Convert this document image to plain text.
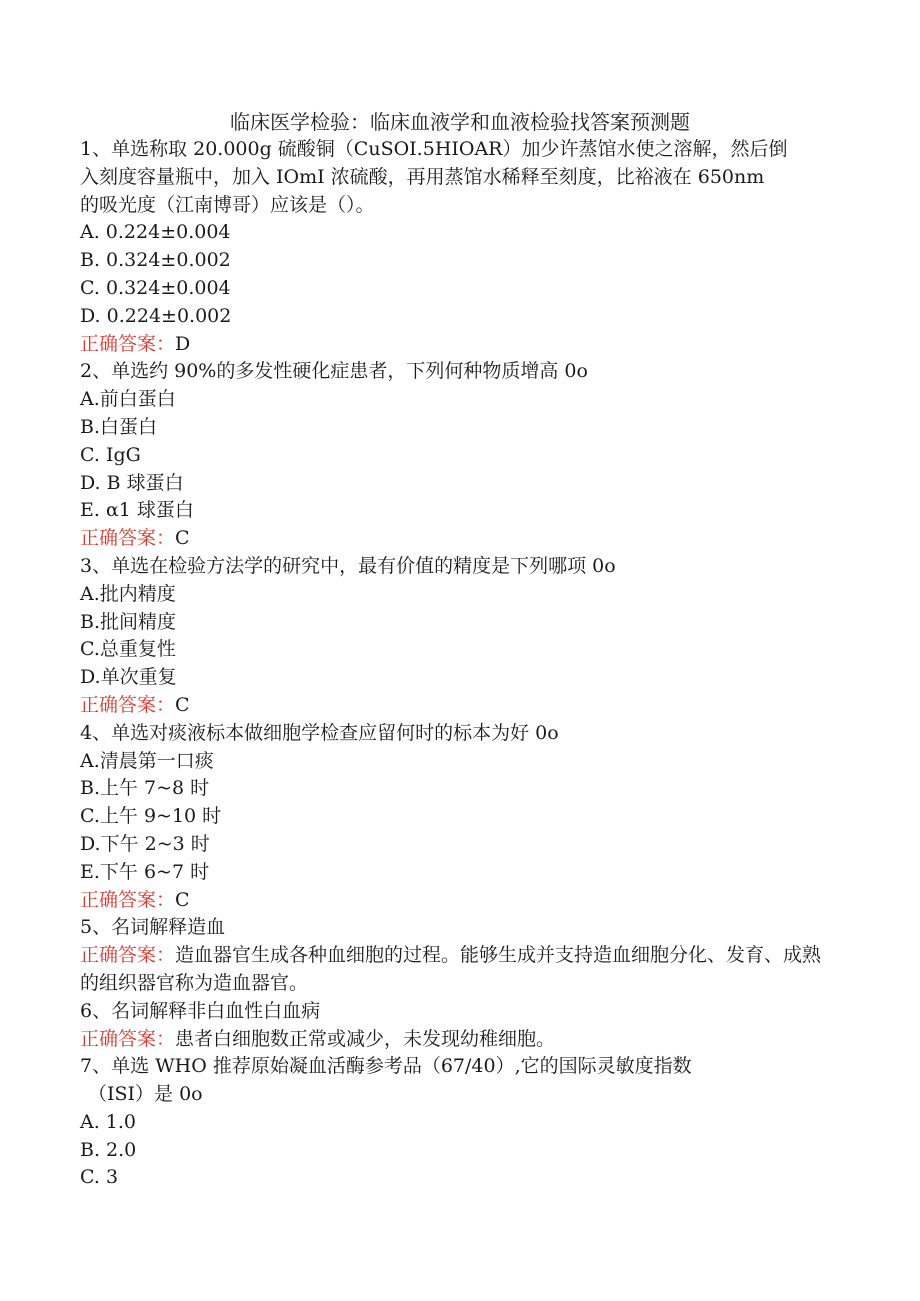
临床医学检验：临床血液学和血液检验找答案预测题
1、单选称取 20.000g 硫酸铜（CuSOI.5HIOAR）加少许蒸馆水使之溶解，然后倒
入刻度容量瓶中，加入 IOmI 浓硫酸，再用蒸馆水稀释至刻度，比裕液在 650nm
的吸光度（江南博哥）应该是（）。
A. 0.224±0.004
B. 0.324±0.002
C. 0.324±0.004
D. 0.224±0.002
正确答案：D
2、单选约 90%的多发性硬化症患者，下列何种物质增高 0o
A.前白蛋白
B.白蛋白
C. IgG
D. B 球蛋白
E. α1 球蛋白
正确答案：C
3、单选在检验方法学的研究中，最有价值的精度是下列哪项 0o
A.批内精度
B.批间精度
C.总重复性
D.单次重复
正确答案：C
4、单选对痰液标本做细胞学检查应留何时的标本为好 0o
A.清晨第一口痰
B.上午 7~8 时
C.上午 9~10 时
D.下午 2~3 时
E.下午 6~7 时
正确答案：C
5、名词解释造血
正确答案：造血器官生成各种血细胞的过程。能够生成并支持造血细胞分化、发育、成熟的组织器官称为造血器官。
6、名词解释非白血性白血病
正确答案：患者白细胞数正常或减少，未发现幼稚细胞。
7、单选 WHO 推荐原始凝血活酶参考品（67/40）,它的国际灵敏度指数
（ISI）是 0o
A. 1.0
B. 2.0
C. 3
